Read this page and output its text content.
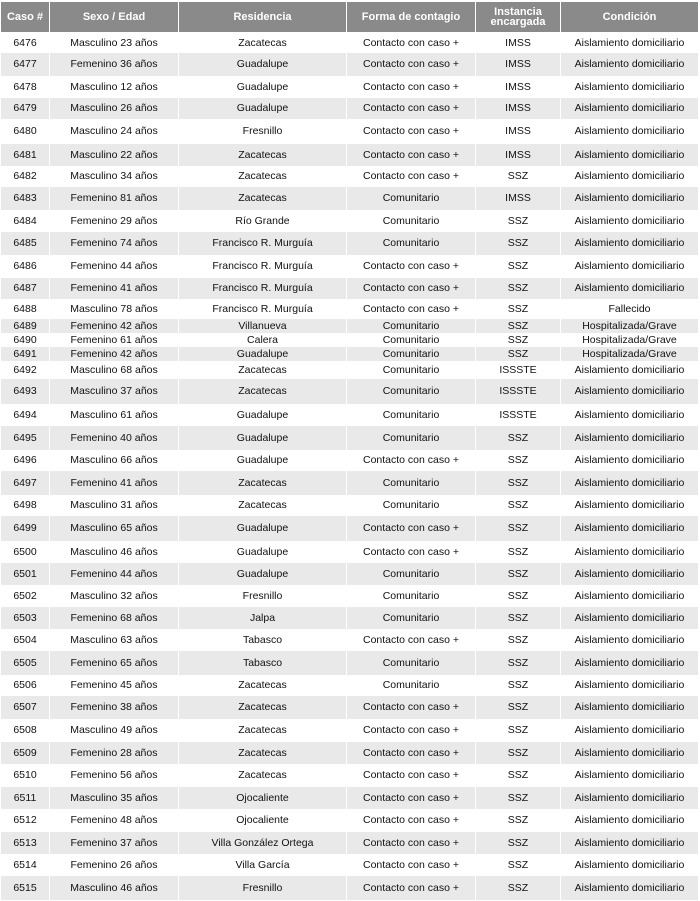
Caso #	Sexo / Edad	Residencia	Forma de contagio	Instancia encargada	Condición
6476	Masculino 23 años	Zacatecas	Contacto con caso +	IMSS	Aislamiento domiciliario
6477	Femenino 36 años	Guadalupe	Contacto con caso +	IMSS	Aislamiento domiciliario
6478	Masculino 12 años	Guadalupe	Contacto con caso +	IMSS	Aislamiento domiciliario
6479	Masculino 26 años	Guadalupe	Contacto con caso +	IMSS	Aislamiento domiciliario
6480	Masculino 24 años	Fresnillo	Contacto con caso +	IMSS	Aislamiento domiciliario
6481	Masculino 22 años	Zacatecas	Contacto con caso +	IMSS	Aislamiento domiciliario
6482	Masculino 34 años	Zacatecas	Contacto con caso +	SSZ	Aislamiento domiciliario
6483	Femenino 81 años	Zacatecas	Comunitario	IMSS	Aislamiento domiciliario
6484	Femenino 29 años	Río Grande	Comunitario	SSZ	Aislamiento domiciliario
6485	Femenino 74 años	Francisco R. Murguía	Comunitario	SSZ	Aislamiento domiciliario
6486	Femenino 44 años	Francisco R. Murguía	Contacto con caso +	SSZ	Aislamiento domiciliario
6487	Femenino 41 años	Francisco R. Murguía	Contacto con caso +	SSZ	Aislamiento domiciliario
6488	Masculino 78 años	Francisco R. Murguía	Contacto con caso +	SSZ	Fallecido
6489	Femenino 42 años	Villanueva	Comunitario	SSZ	Hospitalizada/Grave
6490	Femenino 61 años	Calera	Comunitario	SSZ	Hospitalizada/Grave
6491	Femenino 42 años	Guadalupe	Comunitario	SSZ	Hospitalizada/Grave
6492	Masculino 68 años	Zacatecas	Comunitario	ISSSTE	Aislamiento domiciliario
6493	Masculino 37 años	Zacatecas	Comunitario	ISSSTE	Aislamiento domiciliario
6494	Masculino 61 años	Guadalupe	Comunitario	ISSSTE	Aislamiento domiciliario
6495	Femenino 40 años	Guadalupe	Comunitario	SSZ	Aislamiento domiciliario
6496	Masculino 66 años	Guadalupe	Contacto con caso +	SSZ	Aislamiento domiciliario
6497	Femenino 41 años	Zacatecas	Comunitario	SSZ	Aislamiento domiciliario
6498	Masculino 31 años	Zacatecas	Comunitario	SSZ	Aislamiento domiciliario
6499	Masculino 65 años	Guadalupe	Contacto con caso +	SSZ	Aislamiento domiciliario
6500	Masculino 46 años	Guadalupe	Contacto con caso +	SSZ	Aislamiento domiciliario
6501	Femenino 44 años	Guadalupe	Comunitario	SSZ	Aislamiento domiciliario
6502	Masculino 32 años	Fresnillo	Comunitario	SSZ	Aislamiento domiciliario
6503	Femenino 68 años	Jalpa	Comunitario	SSZ	Aislamiento domiciliario
6504	Masculino 63 años	Tabasco	Contacto con caso +	SSZ	Aislamiento domiciliario
6505	Femenino 65 años	Tabasco	Comunitario	SSZ	Aislamiento domiciliario
6506	Femenino 45 años	Zacatecas	Comunitario	SSZ	Aislamiento domiciliario
6507	Femenino 38 años	Zacatecas	Contacto con caso +	SSZ	Aislamiento domiciliario
6508	Masculino 49 años	Zacatecas	Contacto con caso +	SSZ	Aislamiento domiciliario
6509	Femenino 28 años	Zacatecas	Contacto con caso +	SSZ	Aislamiento domiciliario
6510	Femenino 56 años	Zacatecas	Contacto con caso +	SSZ	Aislamiento domiciliario
6511	Masculino 35 años	Ojocaliente	Contacto con caso +	SSZ	Aislamiento domiciliario
6512	Femenino 48 años	Ojocaliente	Contacto con caso +	SSZ	Aislamiento domiciliario
6513	Femenino 37 años	Villa González Ortega	Contacto con caso +	SSZ	Aislamiento domiciliario
6514	Femenino 26 años	Villa García	Contacto con caso +	SSZ	Aislamiento domiciliario
6515	Masculino 46 años	Fresnillo	Contacto con caso +	SSZ	Aislamiento domiciliario
